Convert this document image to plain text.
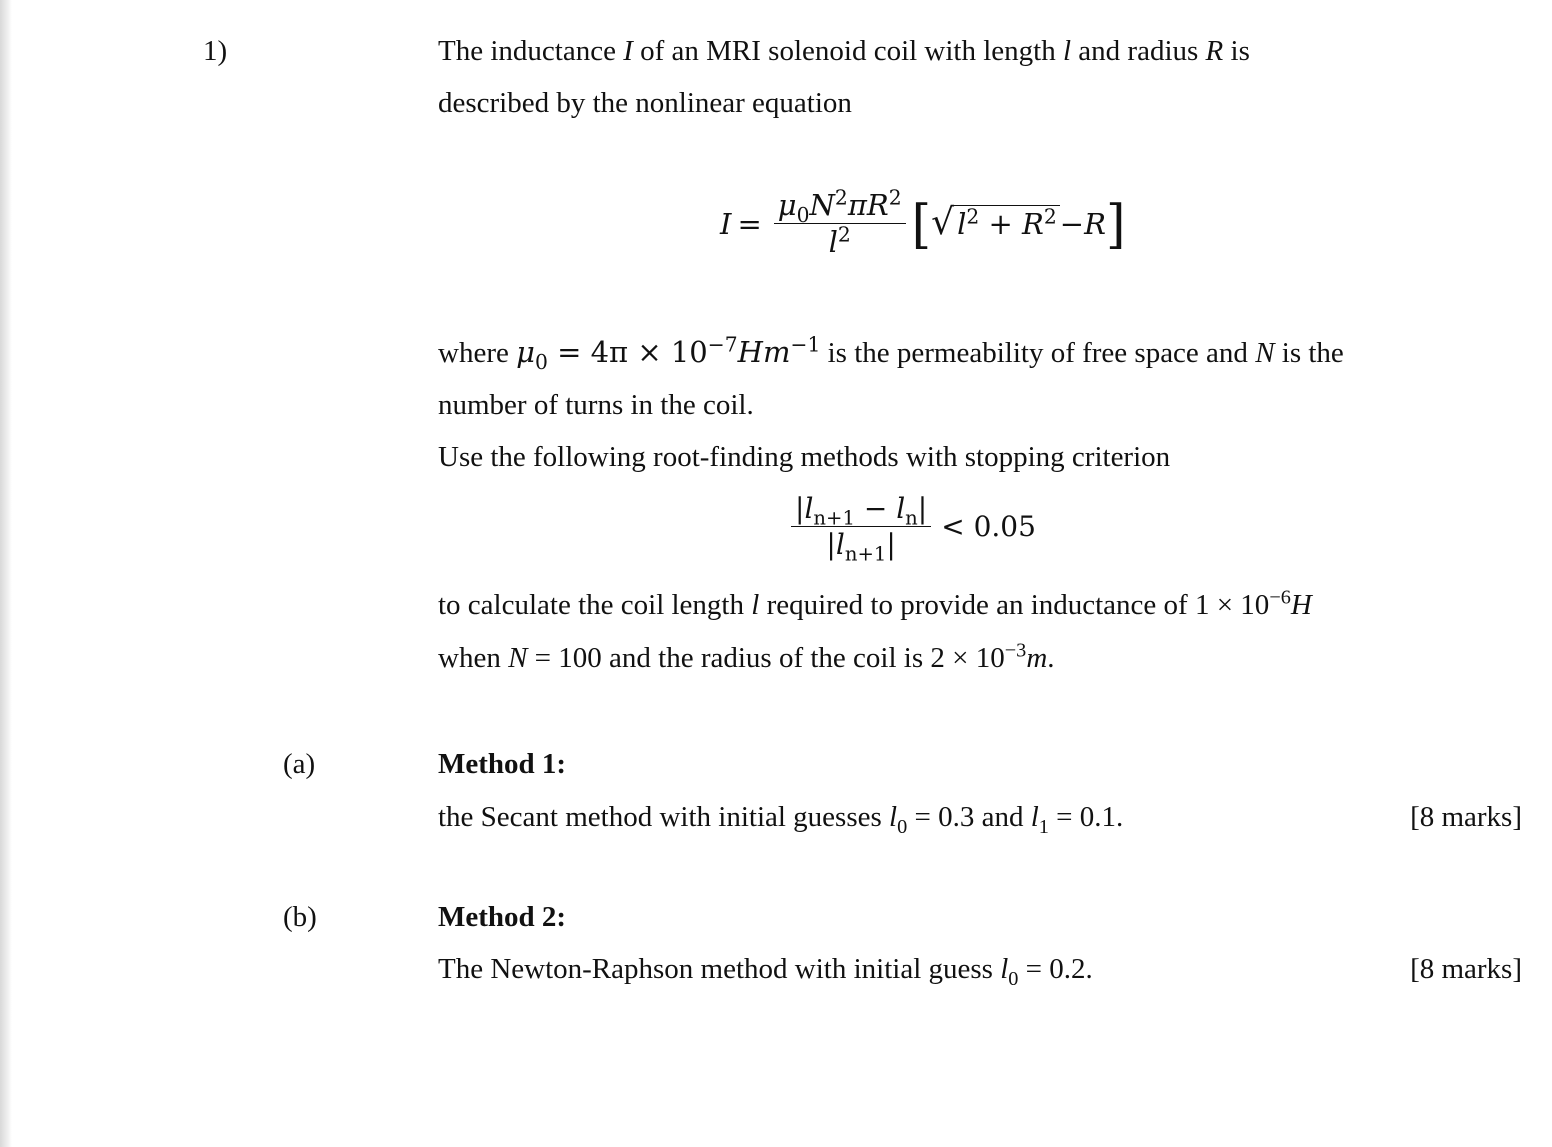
1)	The inductance I of an MRI solenoid coil with length l and radius R is
described by the nonlinear equation
$I = \frac{\mu_0N^2\pi R^2}{l^2}$ [ √ $l^2 + R^2 - R$ ]
where $\mu_0 = 4\pi \times 10^{-7}Hm^{-1}$ is the permeability of free space and N is the
number of turns in the coil.
Use the following root-finding methods with stopping criterion
$\frac{|l_{n+1} - l_n|}{|l_{n+1}|} < 0.05$
to calculate the coil length l required to provide an inductance of $1 \times 10^{-6}H$
when N = 100 and the radius of the coil is $2 \times 10^{-3}m$.
(a)	Method 1:
the Secant method with initial guesses $l_0 = 0.3$ and $l_1 = 0.1$.	[8 marks]
(b)	Method 2:
The Newton-Raphson method with initial guess $l_0 = 0.2$.	[8 marks]
